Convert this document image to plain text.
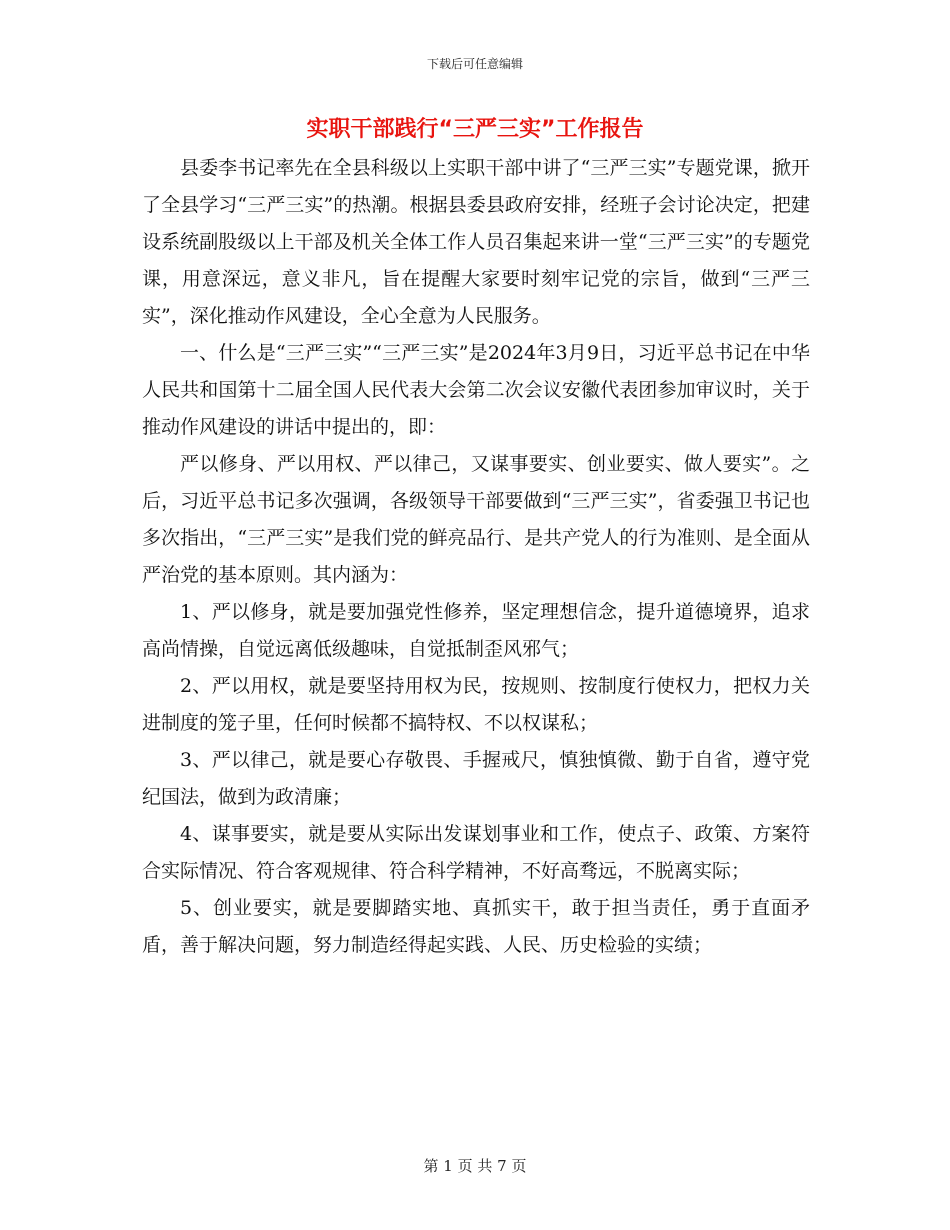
下载后可任意编辑
实职干部践行“三严三实”工作报告

县委李书记率先在全县科级以上实职干部中讲了“三严三实”专题党课，掀开了全县学习“三严三实”的热潮。根据县委县政府安排，经班子会讨论决定，把建设系统副股级以上干部及机关全体工作人员召集起来讲一堂“三严三实”的专题党课，用意深远，意义非凡，旨在提醒大家要时刻牢记党的宗旨，做到“三严三实”，深化推动作风建设，全心全意为人民服务。

一、什么是“三严三实”“三严三实”是2024年3月9日，习近平总书记在中华人民共和国第十二届全国人民代表大会第二次会议安徽代表团参加审议时，关于推动作风建设的讲话中提出的，即：

严以修身、严以用权、严以律己，又谋事要实、创业要实、做人要实”。之后，习近平总书记多次强调，各级领导干部要做到“三严三实”，省委强卫书记也多次指出，“三严三实”是我们党的鲜亮品行、是共产党人的行为准则、是全面从严治党的基本原则。其内涵为：

1、严以修身，就是要加强党性修养，坚定理想信念，提升道德境界，追求高尚情操，自觉远离低级趣味，自觉抵制歪风邪气；

2、严以用权，就是要坚持用权为民，按规则、按制度行使权力，把权力关进制度的笼子里，任何时候都不搞特权、不以权谋私；

3、严以律己，就是要心存敬畏、手握戒尺，慎独慎微、勤于自省，遵守党纪国法，做到为政清廉；

4、谋事要实，就是要从实际出发谋划事业和工作，使点子、政策、方案符合实际情况、符合客观规律、符合科学精神，不好高骛远，不脱离实际；

5、创业要实，就是要脚踏实地、真抓实干，敢于担当责任，勇于直面矛盾，善于解决问题，努力制造经得起实践、人民、历史检验的实绩；

第 1 页 共 7 页
